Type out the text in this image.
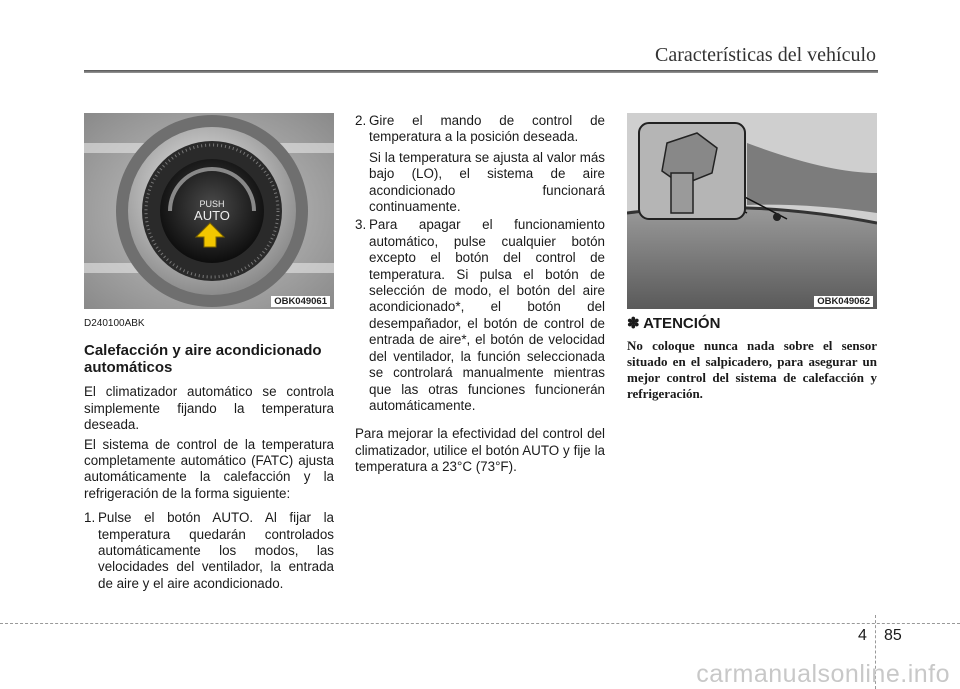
Características del vehículo
PUSH
AUTO
OBK049061	OBK049062
D240100ABK
Calefacción y aire acondicionado automáticos

El climatizador automático se controla simplemente fijando la temperatura deseada.

El sistema de control de la temperatura completamente automático (FATC) ajusta automáticamente la calefacción y la refrigeración de la forma siguiente:

1. Pulse el botón AUTO. Al fijar la temperatura quedarán controlados automáticamente los modos, las velocidades del ventilador, la entrada de aire y el aire acondicionado.

2. Gire el mando de control de temperatura a la posición deseada.

Si la temperatura se ajusta al valor más bajo (LO), el sistema de aire acondicionado funcionará continuamente.

3. Para apagar el funcionamiento automático, pulse cualquier botón excepto el botón del control de temperatura. Si pulsa el botón de selección de modo, el botón del aire acondicionado*, el botón del desempañador, el botón de control de entrada de aire*, el botón de velocidad del ventilador, la función seleccionada se controlará manualmente mientras que las otras funciones funcionerán automáticamente.

Para mejorar la efectividad del control del climatizador, utilice el botón AUTO y fije la temperatura a 23°C (73°F).

✽ ATENCIÓN
No coloque nunca nada sobre el sensor situado en el salpicadero, para asegurar un mejor control del sistema de calefacción y refrigeración.
4 85
carmanualsonline.info
